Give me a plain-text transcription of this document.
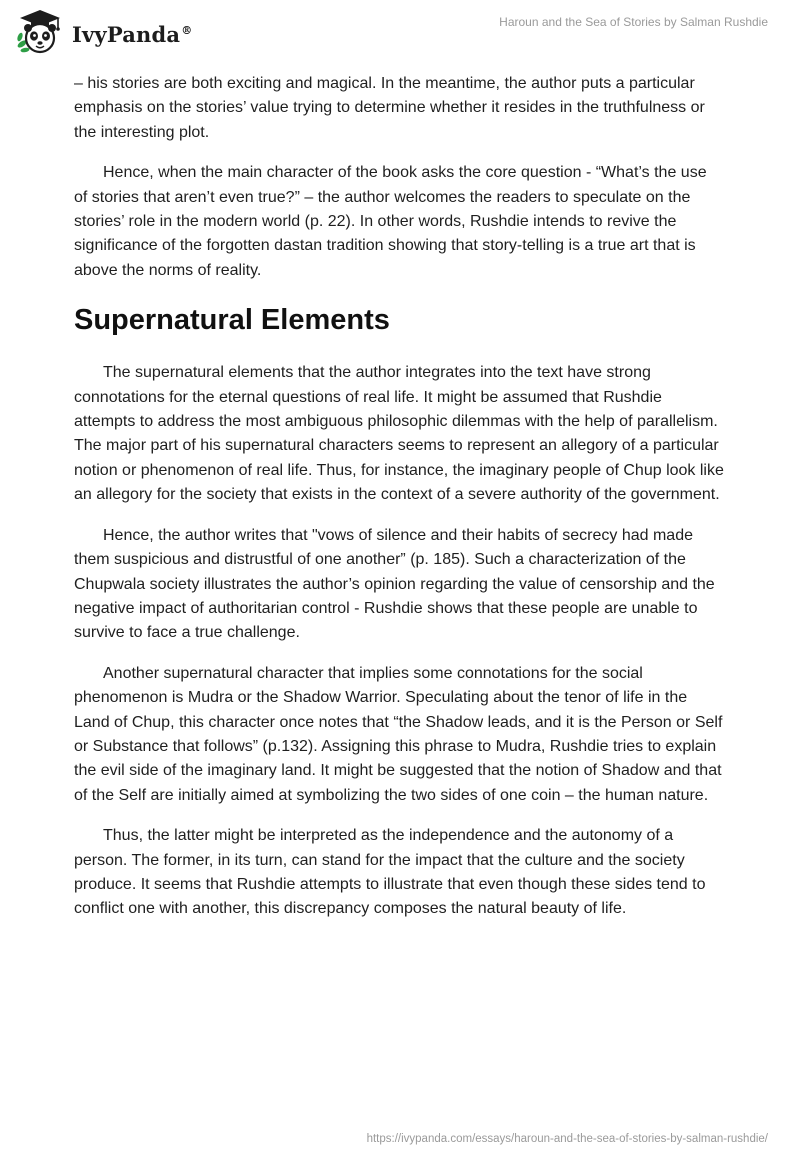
IvyPanda®
Haroun and the Sea of Stories by Salman Rushdie

– his stories are both exciting and magical. In the meantime, the author puts a particular emphasis on the stories’ value trying to determine whether it resides in the truthfulness or the interesting plot.

Hence, when the main character of the book asks the core question - “What’s the use of stories that aren’t even true?” – the author welcomes the readers to speculate on the stories’ role in the modern world (p. 22). In other words, Rushdie intends to revive the significance of the forgotten dastan tradition showing that story-telling is a true art that is above the norms of reality.

Supernatural Elements

The supernatural elements that the author integrates into the text have strong connotations for the eternal questions of real life. It might be assumed that Rushdie attempts to address the most ambiguous philosophic dilemmas with the help of parallelism. The major part of his supernatural characters seems to represent an allegory of a particular notion or phenomenon of real life. Thus, for instance, the imaginary people of Chup look like an allegory for the society that exists in the context of a severe authority of the government.

Hence, the author writes that "vows of silence and their habits of secrecy had made them suspicious and distrustful of one another” (p. 185). Such a characterization of the Chupwala society illustrates the author’s opinion regarding the value of censorship and the negative impact of authoritarian control - Rushdie shows that these people are unable to survive to face a true challenge.

Another supernatural character that implies some connotations for the social phenomenon is Mudra or the Shadow Warrior. Speculating about the tenor of life in the Land of Chup, this character once notes that “the Shadow leads, and it is the Person or Self or Substance that follows” (p.132). Assigning this phrase to Mudra, Rushdie tries to explain the evil side of the imaginary land. It might be suggested that the notion of Shadow and that of the Self are initially aimed at symbolizing the two sides of one coin – the human nature.

Thus, the latter might be interpreted as the independence and the autonomy of a person. The former, in its turn, can stand for the impact that the culture and the society produce. It seems that Rushdie attempts to illustrate that even though these sides tend to conflict one with another, this discrepancy composes the natural beauty of life.

https://ivypanda.com/essays/haroun-and-the-sea-of-stories-by-salman-rushdie/
